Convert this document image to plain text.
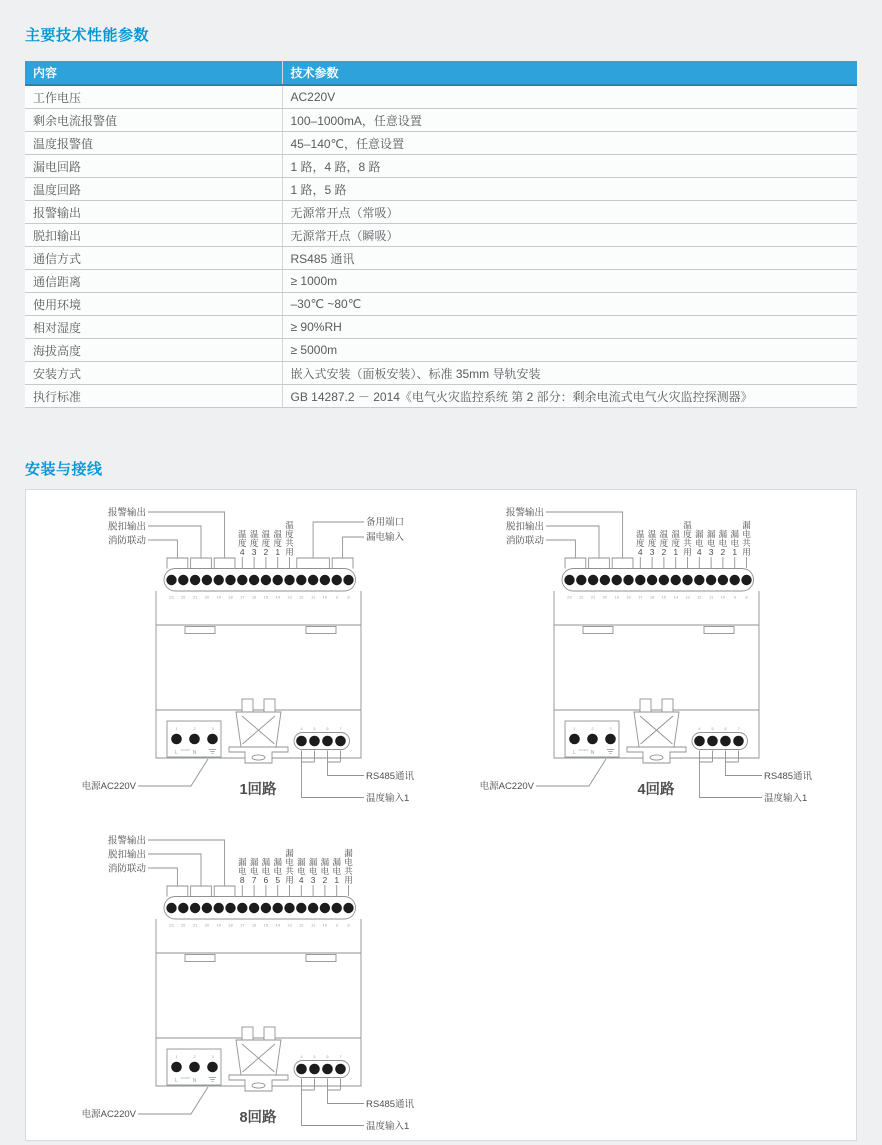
主要技术性能参数
内容	技术参数
工作电压	AC220V
剩余电流报警值	100–1000mA，任意设置
温度报警值	45–140℃，任意设置
漏电回路	1 路，4 路，8 路
温度回路	1 路，5 路
报警输出	无源常开点（常吸）
脱扣输出	无源常开点（瞬吸）
通信方式	RS485 通讯
通信距离	≥ 1000m
使用环境	–30℃ ~80℃
相对湿度	≥ 90%RH
海拔高度	≥ 5000m
安装方式	嵌入式安装（面板安装）、标准 35mm 导轨安装
执行标准	GB 14287.2 － 2014《电气火灾监控系统 第 2 部分：剩余电流式电气火灾监控探测器》
安装与接线
23 22 21 20 19 18 17 16 15 14 13 12 11 10 9 8
报警输出
脱扣输出
消防联动
温度 4
温度 3
温度 2
温度 1
温度共用
备用端口
漏电输入
1	2	3
L	N
AC220V
电源AC220V
4	5	6	7
RS485通讯
温度输入1
1回路
23 22 21 20 19 18 17 16 15 14 13 12 11 10 9 8
报警输出
脱扣输出
消防联动
温度 4
温度 3
温度 2
温度 1
温度共用
漏电 4
漏电 3
漏电 2
漏电 1
漏电共用
1	2	3
L	N
AC220V
电源AC220V
4	5	6	7
RS485通讯
温度输入1
4回路
23 22 21 20 19 18 17 16 15 14 13 12 11 10 9 8
报警输出
脱扣输出
消防联动
漏电 8
漏电 7
漏电 6
漏电 5
漏电共用
漏电 4
漏电 3
漏电 2
漏电 1
漏电共用
1	2	3
L	N
AC220V
电源AC220V
4	5	6	7
RS485通讯
温度输入1
8回路
